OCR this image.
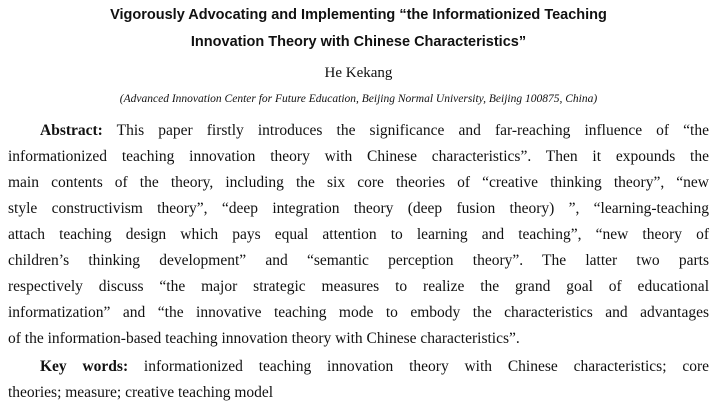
Vigorously Advocating and Implementing “the Informationized Teaching
Innovation Theory with Chinese Characteristics”
He Kekang
(Advanced Innovation Center for Future Education, Beijing Normal University, Beijing 100875, China)
Abstract: This paper firstly introduces the significance and far-reaching influence of “the
informationized teaching innovation theory with Chinese characteristics”. Then it expounds the
main contents of the theory, including the six core theories of “creative thinking theory”, “new
style constructivism theory”, “deep integration theory (deep fusion theory) ”, “learning-teaching
attach teaching design which pays equal attention to learning and teaching”, “new theory of
children’s thinking development” and “semantic perception theory”. The latter two parts
respectively discuss “the major strategic measures to realize the grand goal of educational
informatization” and “the innovative teaching mode to embody the characteristics and advantages
of the information-based teaching innovation theory with Chinese characteristics”.
Key words: informationized teaching innovation theory with Chinese characteristics; core
theories; measure; creative teaching model
